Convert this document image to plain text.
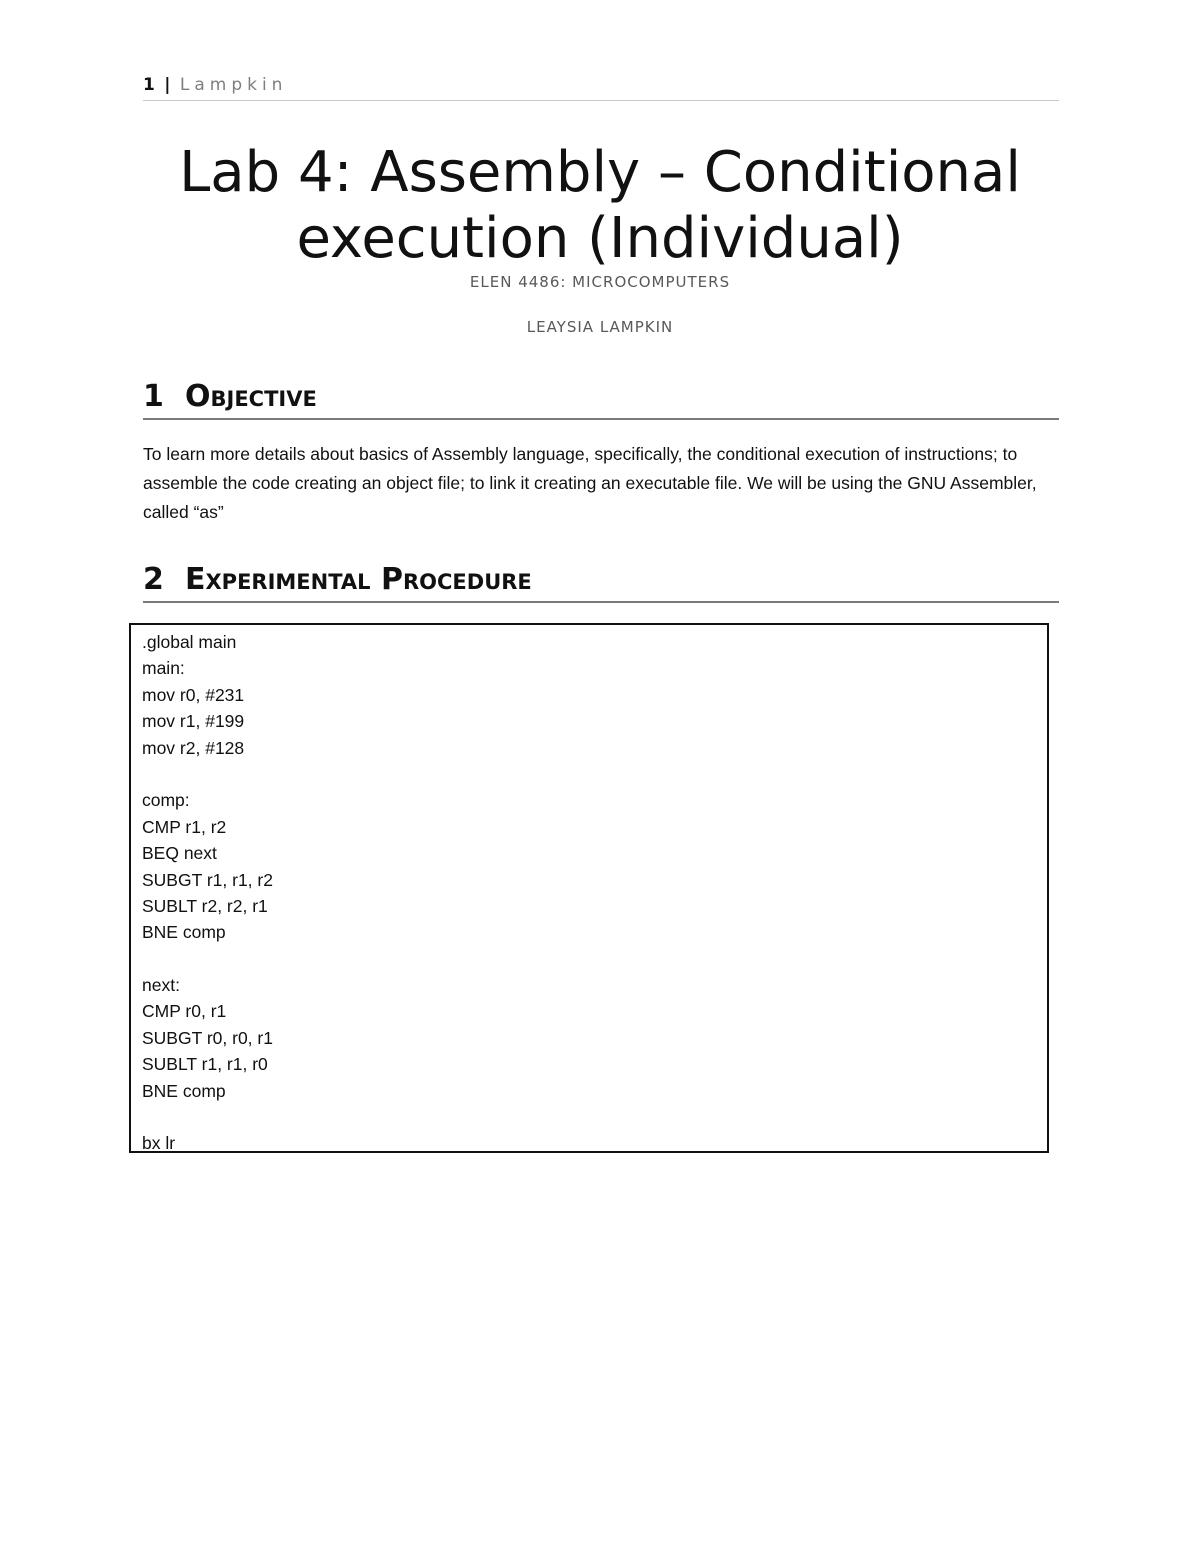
1 | Lampkin
Lab 4: Assembly – Conditional execution (Individual)

ELEN 4486: MICROCOMPUTERS

LEAYSIA LAMPKIN

1 Objective

To learn more details about basics of Assembly language, specifically, the conditional execution of instructions; to assemble the code creating an object file; to link it creating an executable file. We will be using the GNU Assembler, called “as”

2 Experimental Procedure
.global main
main:
mov r0, #231
mov r1, #199
mov r2, #128
comp:
CMP r1, r2
BEQ next
SUBGT r1, r1, r2
SUBLT r2, r2, r1
BNE comp
next:
CMP r0, r1
SUBGT r0, r0, r1
SUBLT r1, r1, r0
BNE comp
bx lr
